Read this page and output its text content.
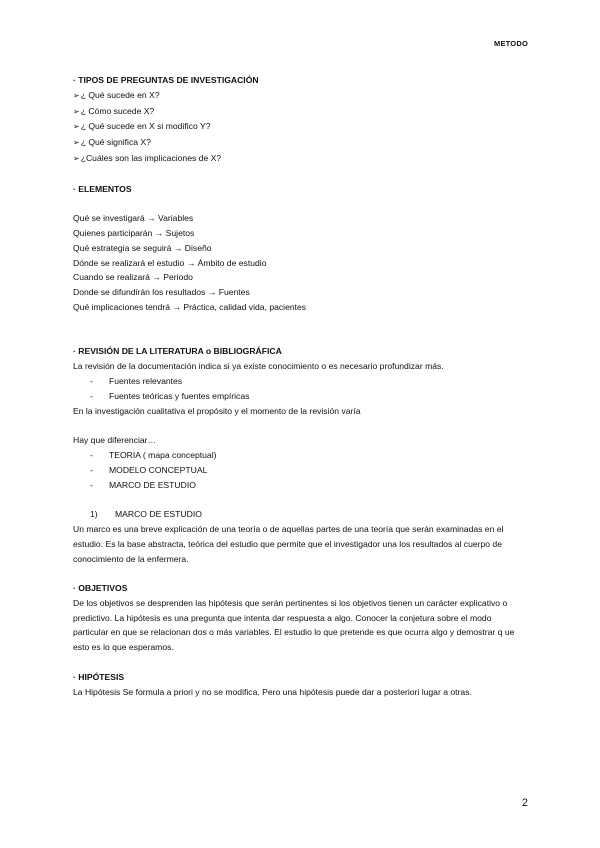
METODO
· TIPOS DE PREGUNTAS DE INVESTIGACIÓN
➢ ¿ Qué sucede en X?
➢ ¿ Cómo sucede X?
➢ ¿ Qué sucede en X si modifico Y?
➢ ¿ Qué significa X?
➢ ¿Cuáles son las implicaciones de X?
· ELEMENTOS
Qué se investigará → Variables
Quienes participarán → Sujetos
Qué estrategia se seguirá → Diseño
Dónde se realizará el estudio → Ámbito de estudio
Cuando se realizará → Periodo
Donde se difundirán los resultados → Fuentes
Qué implicaciones tendrá → Práctica, calidad vida, pacientes
· REVISIÓN DE LA LITERATURA o BIBLIOGRÁFICA
La revisión de la documentación indica si ya existe conocimiento o es necesario profundizar más.
- Fuentes relevantes
- Fuentes teóricas y fuentes empíricas
En la investigación cualitativa el propósito y el momento de la revisión varía
Hay que diferenciar…
- TEORIA ( mapa conceptual)
- MODELO CONCEPTUAL
- MARCO DE ESTUDIO
1) MARCO DE ESTUDIO
Un marco es una breve explicación de una teoría o de aquellas partes de una teoría que serán examinadas en el estudio. Es la base abstracta, teórica del estudio que permite que el investigador una los resultados al cuerpo de conocimiento de la enfermera.
· OBJETIVOS
De los objetivos se desprenden las hipótesis que serán pertinentes si los objetivos tienen un carácter explicativo o predictivo. La hipótesis es una pregunta que intenta dar respuesta a algo. Conocer la conjetura sobre el modo particular en que se relacionan dos o más variables. El estudio lo que pretende es que ocurra algo y demostrar q ue esto es lo que esperamos.
· HIPÓTESIS
La Hipótesis Se formula a priori y no se modifica. Pero una hipótesis puede dar a posteriori lugar a otras.
2
